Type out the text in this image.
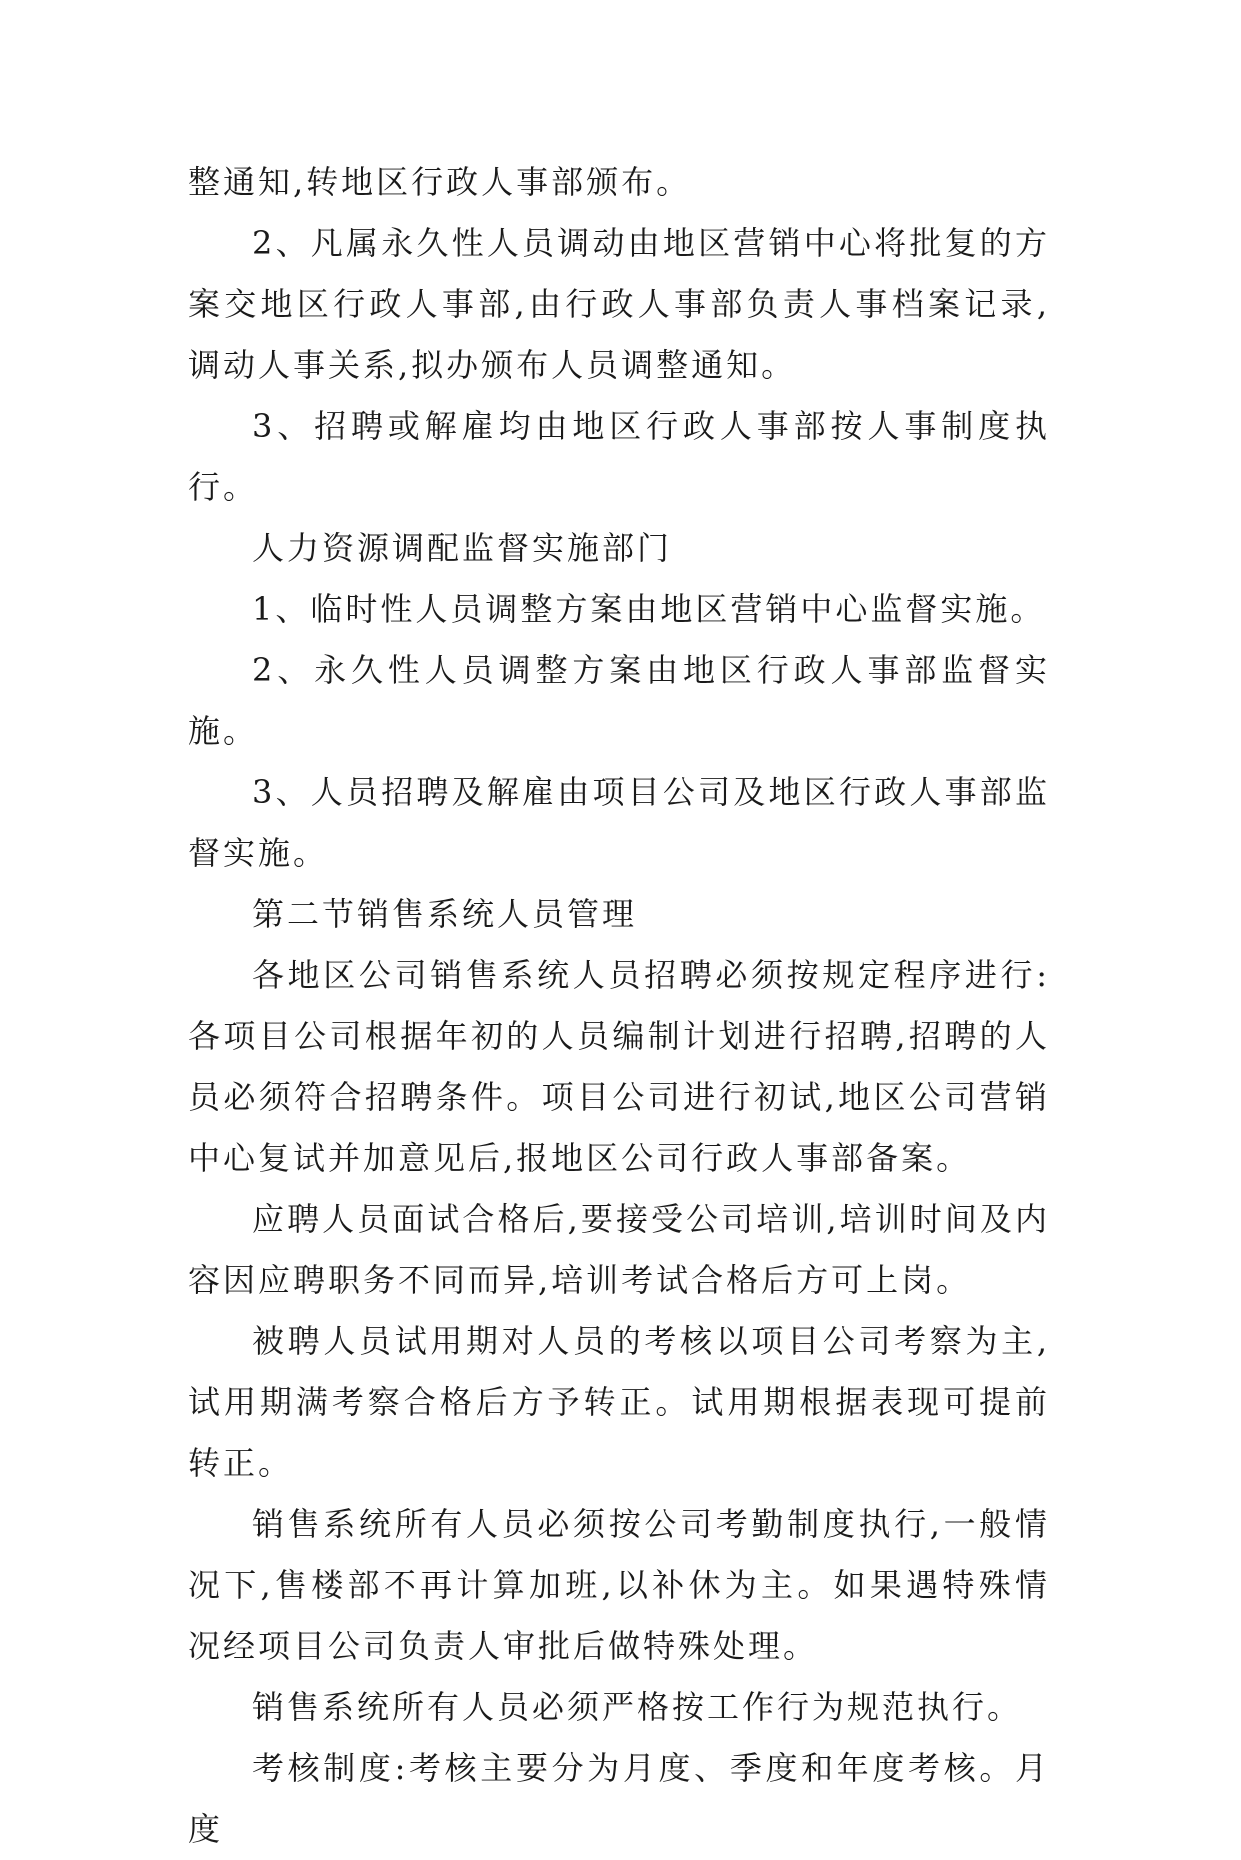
整通知,转地区行政人事部颁布。

2、凡属永久性人员调动由地区营销中心将批复的方案交地区行政人事部,由行政人事部负责人事档案记录,调动人事关系,拟办颁布人员调整通知。

3、招聘或解雇均由地区行政人事部按人事制度执行。

人力资源调配监督实施部门

1、临时性人员调整方案由地区营销中心监督实施。

2、永久性人员调整方案由地区行政人事部监督实施。

3、人员招聘及解雇由项目公司及地区行政人事部监督实施。

第二节销售系统人员管理

各地区公司销售系统人员招聘必须按规定程序进行:各项目公司根据年初的人员编制计划进行招聘,招聘的人员必须符合招聘条件。项目公司进行初试,地区公司营销中心复试并加意见后,报地区公司行政人事部备案。

应聘人员面试合格后,要接受公司培训,培训时间及内容因应聘职务不同而异,培训考试合格后方可上岗。

被聘人员试用期对人员的考核以项目公司考察为主,试用期满考察合格后方予转正。试用期根据表现可提前转正。

销售系统所有人员必须按公司考勤制度执行,一般情况下,售楼部不再计算加班,以补休为主。如果遇特殊情况经项目公司负责人审批后做特殊处理。

销售系统所有人员必须严格按工作行为规范执行。

考核制度:考核主要分为月度、季度和年度考核。月度
